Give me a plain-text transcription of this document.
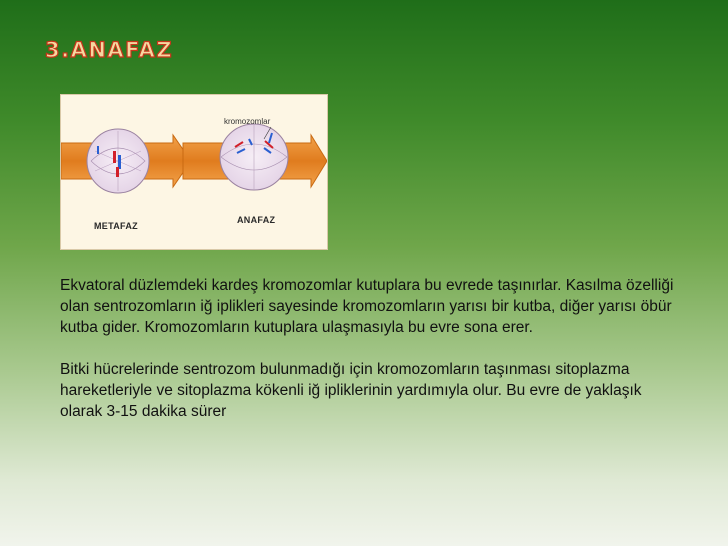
3.ANAFAZ
kromozomlar
METAFAZ
ANAFAZ

Ekvatoral düzlemdeki kardeş kromozomlar kutuplara bu evrede taşınırlar. Kasılma özelliği olan sentrozomların iğ iplikleri sayesinde kromozomların yarısı bir kutba, diğer yarısı öbür kutba gider. Kromozomların kutuplara ulaşmasıyla bu evre sona erer.

Bitki hücrelerinde sentrozom bulunmadığı için kromozomların taşınması sitoplazma hareketleriyle ve sitoplazma kökenli iğ ipliklerinin yardımıyla olur. Bu evre de yaklaşık olarak 3-15 dakika sürer
